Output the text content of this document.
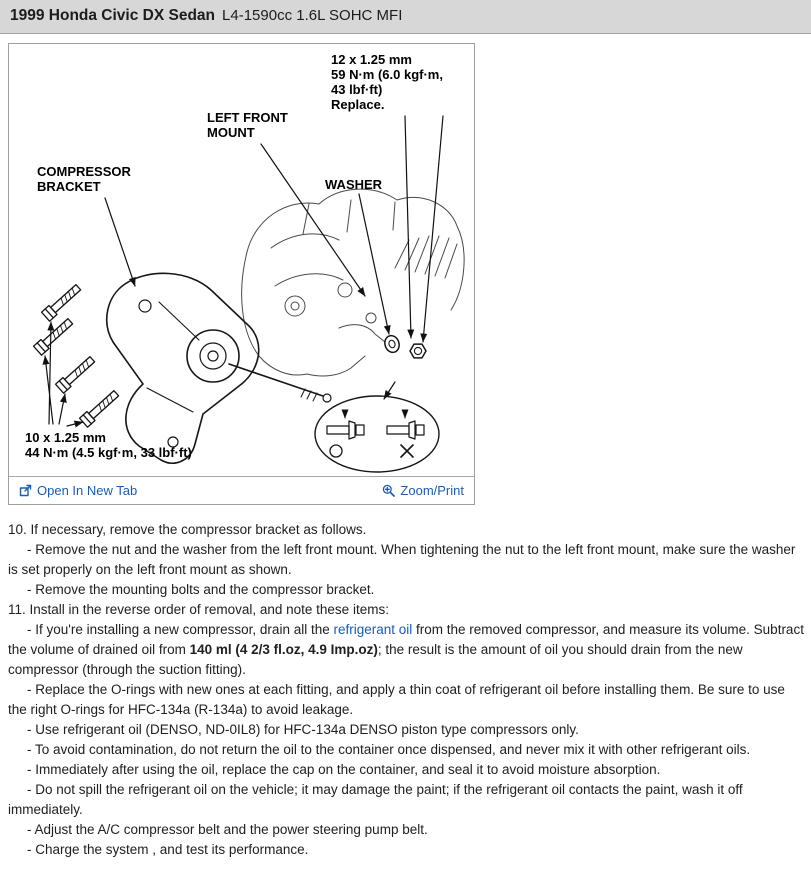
1999 Honda Civic DX Sedan L4-1590cc 1.6L SOHC MFI
12 x 1.25 mm
59 N·m (6.0 kgf·m,
43 lbf·ft)
Replace.
LEFT FRONT
MOUNT
COMPRESSOR
BRACKET	WASHER
10 x 1.25 mm
44 N·m (4.5 kgf·m, 33 lbf·ft)
Open In New Tab	Zoom/Print

10. If necessary, remove the compressor bracket as follows.

- Remove the nut and the washer from the left front mount. When tightening the nut to the left front mount, make sure the washer is set properly on the left front mount as shown.

- Remove the mounting bolts and the compressor bracket.

11. Install in the reverse order of removal, and note these items:

- If you're installing a new compressor, drain all the refrigerant oil from the removed compressor, and measure its volume. Subtract the volume of drained oil from 140 ml (4 2/3 fl.oz, 4.9 Imp.oz); the result is the amount of oil you should drain from the new compressor (through the suction fitting).

- Replace the O-rings with new ones at each fitting, and apply a thin coat of refrigerant oil before installing them. Be sure to use the right O-rings for HFC-134a (R-134a) to avoid leakage.

- Use refrigerant oil (DENSO, ND-0IL8) for HFC-134a DENSO piston type compressors only.

- To avoid contamination, do not return the oil to the container once dispensed, and never mix it with other refrigerant oils.

- Immediately after using the oil, replace the cap on the container, and seal it to avoid moisture absorption.

- Do not spill the refrigerant oil on the vehicle; it may damage the paint; if the refrigerant oil contacts the paint, wash it off immediately.

- Adjust the A/C compressor belt and the power steering pump belt.

- Charge the system , and test its performance.
